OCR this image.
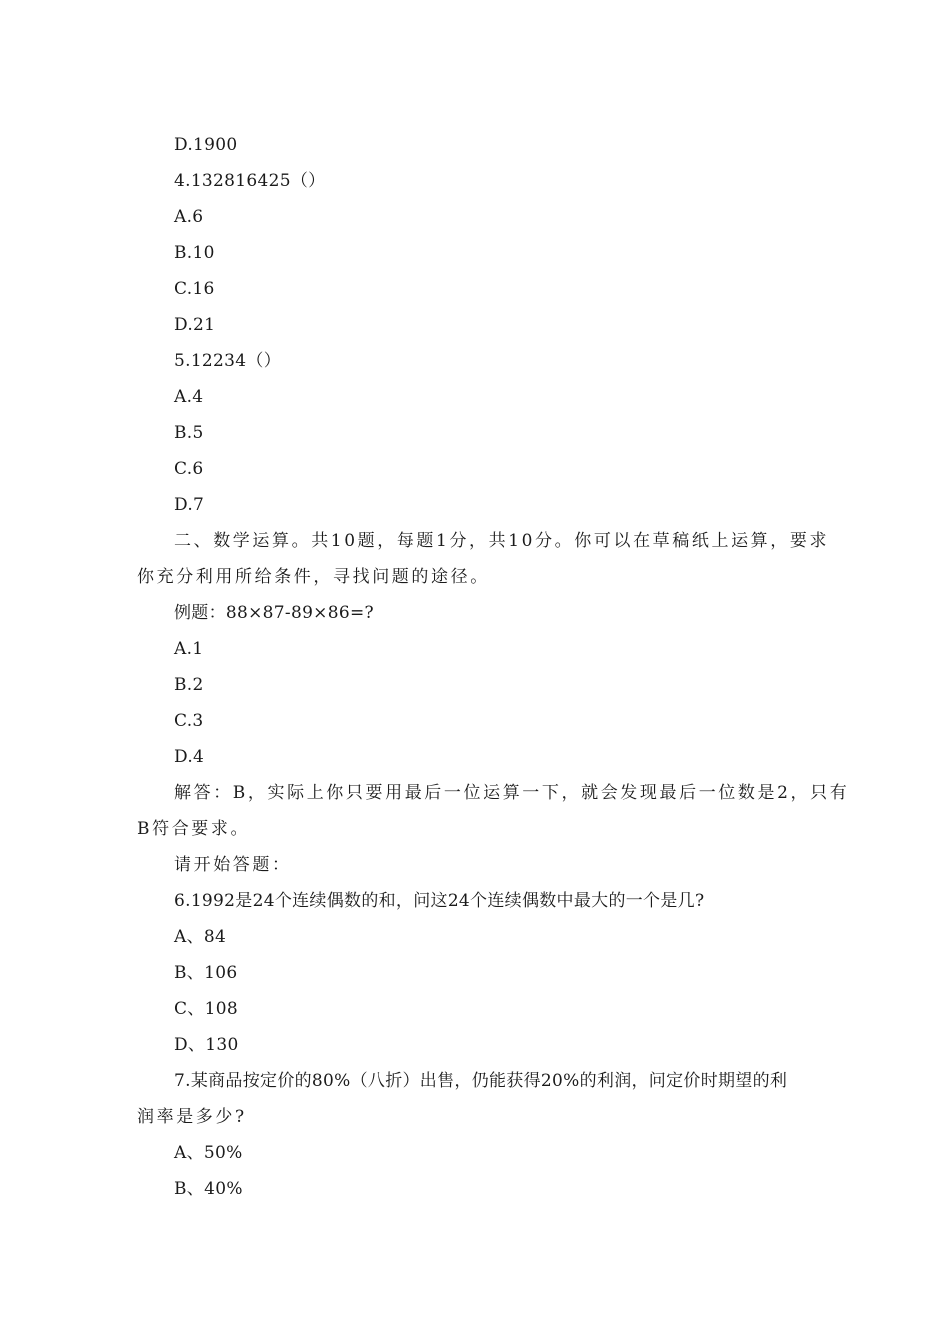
D.1900
4.132816425（）
A.6
B.10
C.16
D.21
5.12234（）
A.4
B.5
C.6
D.7
二、数学运算。共10题，每题1分，共10分。你可以在草稿纸上运算，要求
你充分利用所给条件，寻找问题的途径。
例题：88×87-89×86=?
A.1
B.2
C.3
D.4
解答：B，实际上你只要用最后一位运算一下，就会发现最后一位数是2，只有
B符合要求。
请开始答题：
6.1992是24个连续偶数的和，问这24个连续偶数中最大的一个是几?
A、84
B、106
C、108
D、130
7.某商品按定价的80%（八折）出售，仍能获得20%的利润，问定价时期望的利
润率是多少?
A、50%
B、40%
